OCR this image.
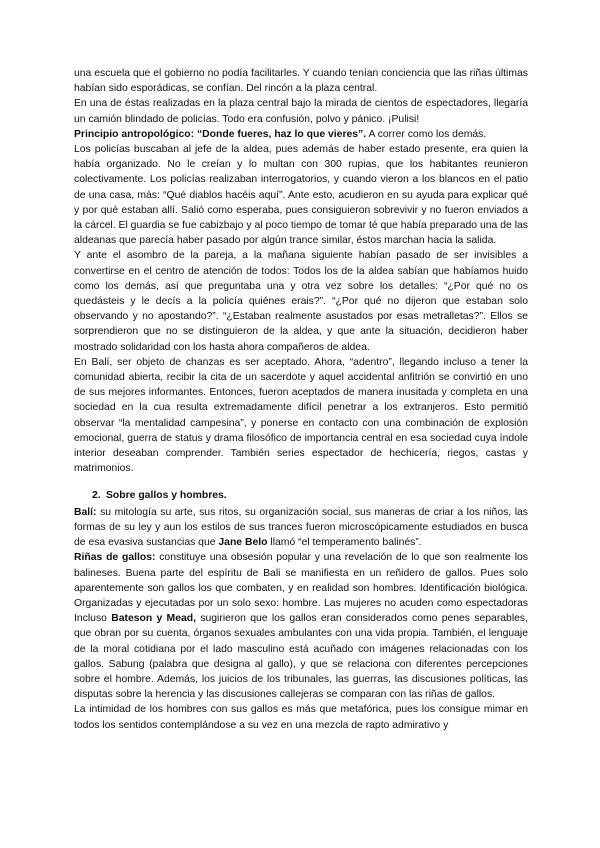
una escuela que el gobierno no podía facilitarles. Y cuando tenían conciencia que las riñas últimas habían sido esporádicas, se confían. Del rincón a la plaza central.

En una de éstas realizadas en la plaza central bajo la mirada de cientos de espectadores, llegaría un camión blindado de policías. Todo era confusión, polvo y pánico. ¡Pulisi!

Principio antropológico: “Donde fueres, haz lo que vieres”. A correr como los demás.

Los policías buscaban al jefe de la aldea, pues además de haber estado presente, era quien la había organizado. No le creían y lo multan con 300 rupias, que los habitantes reunieron colectivamente. Los policías realizaban interrogatorios, y cuando vieron a los blancos en el patio de una casa, más: “Qué diablos hacéis aquí”. Ante esto, acudieron en su ayuda para explicar qué y por qué estaban allí. Salió como esperaba, pues consiguieron sobrevivir y no fueron enviados a la cárcel. El guardia se fue cabizbajo y al poco tiempo de tomar té que había preparado una de las aldeanas que parecía haber pasado por algún trance similar, éstos marchan hacia la salida.

Y ante el asombro de la pareja, a la mañana siguiente habían pasado de ser invisibles a convertirse en el centro de atención de todos: Todos los de la aldea sabían que habíamos huido como los demás, así que preguntaba una y otra vez sobre los detalles: “¿Por qué no os quedásteis y le decís a la policía quiénes erais?”. “¿Por qué no dijeron que estaban solo observando y no apostando?”. “¿Estaban realmente asustados por esas metralletas?”. Ellos se sorprendieron que no se distinguieron de la aldea, y que ante la situación, decidieron haber mostrado solidaridad con los hasta ahora compañeros de aldea.

En Balí, ser objeto de chanzas es ser aceptado. Ahora, “adentro”, llegando incluso a tener la comunidad abierta, recibir la cita de un sacerdote y aquel accidental anfitrión se convirtió en uno de sus mejores informantes. Entonces, fueron aceptados de manera inusitada y completa en una sociedad en la cua resulta extremadamente difícil penetrar a los extranjeros. Esto permitió observar “la mentalidad campesina”, y ponerse en contacto con una combinación de explosión emocional, guerra de status y drama filosófico de importancia central en esa sociedad cuya índole interior deseaban comprender. También series espectador de hechicería, riegos, castas y matrimonios.

2. Sobre gallos y hombres.

Balí: su mitología su arte, sus ritos, su organización social, sus maneras de criar a los niños, las formas de su ley y aun los estilos de sus trances fueron microscópicamente estudiados en busca de esa evasiva sustancias que Jane Belo llamó “el temperamento balinés”.

Riñas de gallos: constituye una obsesión popular y una revelación de lo que son realmente los balineses. Buena parte del espíritu de Bali se manifiesta en un reñidero de gallos. Pues solo aparentemente son gallos los que combaten, y en realidad son hombres. Identificación biológica. Organizadas y ejecutadas por un solo sexo: hombre. Las mujeres no acuden como espectadoras Incluso Bateson y Mead, sugirieron que los gallos eran considerados como penes separables, que obran por su cuenta, órganos sexuales ambulantes con una vida propia. También, el lenguaje de la moral cotidiana por el lado masculino está acuñado con imágenes relacionadas con los gallos. Sabung (palabra que designa al gallo), y que se relaciona con diferentes percepciones sobre el hombre. Además, los juicios de los tribunales, las guerras, las discusiones políticas, las disputas sobre la herencia y las discusiones callejeras se comparan con las riñas de gallos.

La intimidad de los hombres con sus gallos es más que metafórica, pues los consigue mimar en todos los sentidos contemplándose a su vez en una mezcla de rapto admirativo y
